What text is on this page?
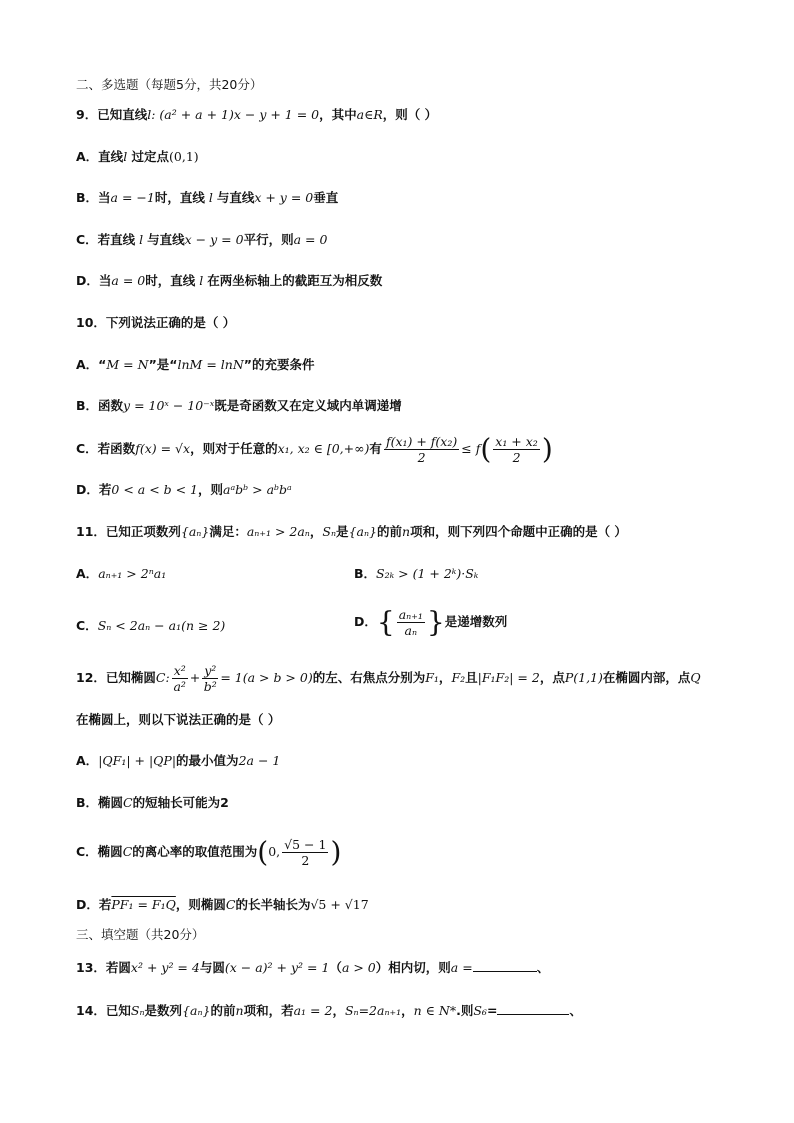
二、多选题（每题5分，共20分）
9．已知直线l: (a² + a + 1)x − y + 1 = 0，其中a∈R，则（ ）
A．直线l 过定点(0,1)
B．当a = −1时，直线 l 与直线x + y = 0垂直
C．若直线 l 与直线x − y = 0平行，则a = 0
D．当a = 0时，直线 l 在两坐标轴上的截距互为相反数
10．下列说法正确的是（ ）
A．“M = N”是“lnM = lnN”的充要条件
B．函数y = 10ˣ − 10⁻ˣ既是奇函数又在定义域内单调递增
C．若函数f(x) = √x，则对于任意的x₁, x₂ ∈ [0,+∞)有 $\frac{\text{f(x₁) + f(x₂)}}{2} \le f( \frac{\text{x₁ + x₂}}{2}$ )
D．若0 < a < b < 1，则aᵃbᵇ > aᵇbᵃ
11．已知正项数列{aₙ}满足：aₙ₊₁ > 2aₙ，Sₙ是{aₙ}的前n项和，则下列四个命题中正确的是（ ）
A．aₙ₊₁ > 2ⁿa₁	B．S₂ₖ > (1 + 2ᵏ)·Sₖ
C．Sₙ < 2aₙ − a₁(n ≥ 2)	D．{ $\frac{\text{aₙ₊₁}}{\text{aₙ}}$ }是递增数列
12．已知椭圆C: $\frac{\text{x²}}{\text{a²}} + \frac{\text{y²}}{\text{b²}} = 1(a > b > 0)$的左、右焦点分别为F₁，F₂且|F₁F₂| = 2，点P(1,1)在椭圆内部，点Q
在椭圆上，则以下说法正确的是（ ）
A．|QF₁| + |QP|的最小值为2a − 1
B．椭圆C的短轴长可能为2
C．椭圆C的离心率的取值范围为(0, $\frac{√5 - 1}{2}$ )
D．若PF₁ = F₁Q，则椭圆C的长半轴长为√5 + √17
三、填空题（共20分）
13．若圆x² + y² = 4与圆(x − a)² + y² = 1（a > 0）相内切，则a =	、
14．已知Sₙ是数列{aₙ}的前n项和，若a₁ = 2，Sₙ=2aₙ₊₁，n ∈ N*.则S₆=	、
